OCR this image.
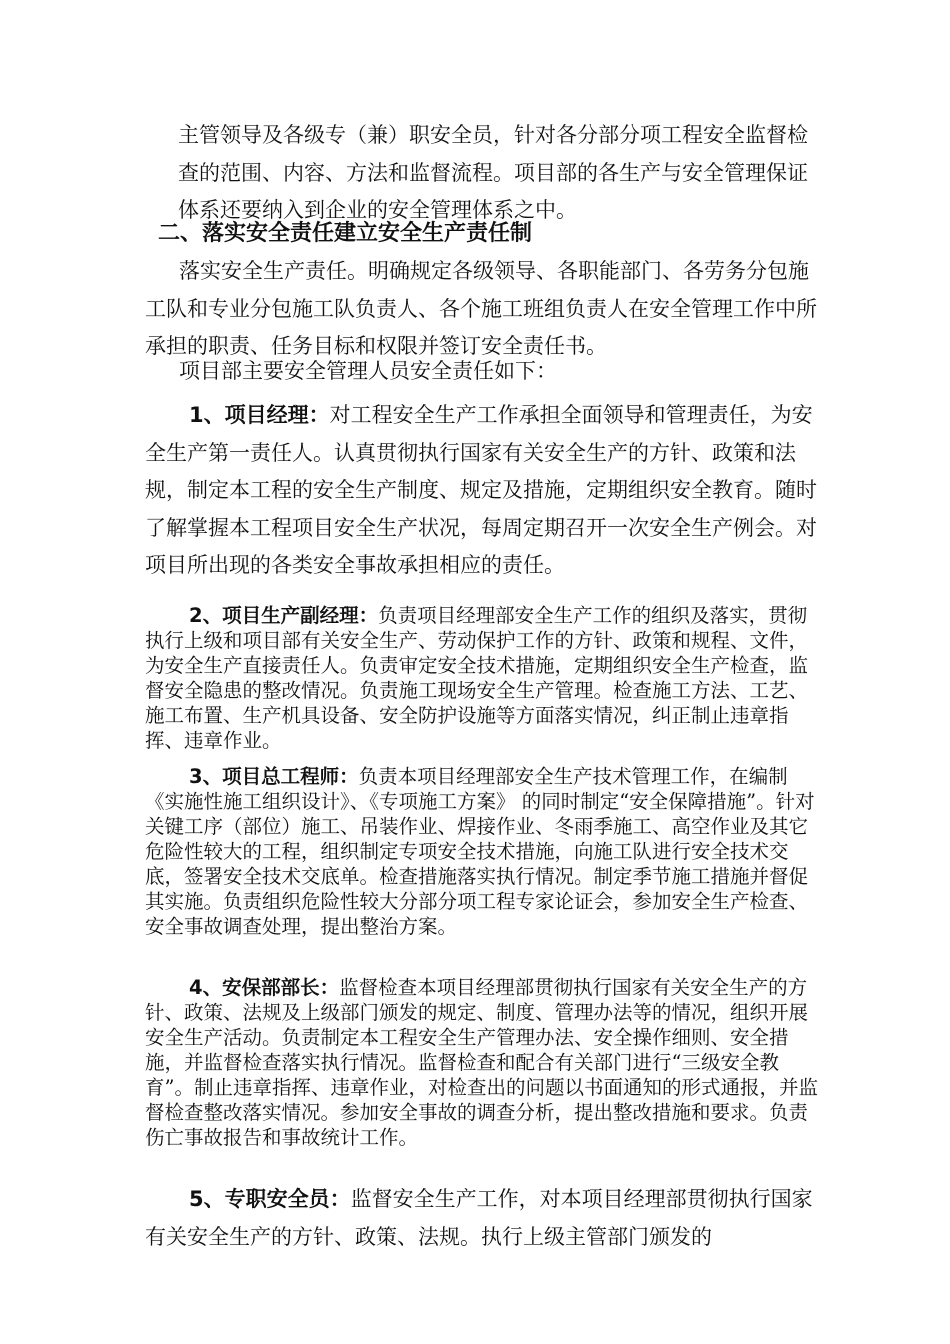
主管领导及各级专（兼）职安全员，针对各分部分项工程安全监督检查的范围、内容、方法和监督流程。项目部的各生产与安全管理保证体系还要纳入到企业的安全管理体系之中。

二、落实安全责任建立安全生产责任制

落实安全生产责任。明确规定各级领导、各职能部门、各劳务分包施工队和专业分包施工队负责人、各个施工班组负责人在安全管理工作中所承担的职责、任务目标和权限并签订安全责任书。

项目部主要安全管理人员安全责任如下：

1、项目经理：对工程安全生产工作承担全面领导和管理责任，为安全生产第一责任人。认真贯彻执行国家有关安全生产的方针、政策和法规，制定本工程的安全生产制度、规定及措施，定期组织安全教育。随时了解掌握本工程项目安全生产状况，每周定期召开一次安全生产例会。对项目所出现的各类安全事故承担相应的责任。

2、项目生产副经理：负责项目经理部安全生产工作的组织及落实，贯彻执行上级和项目部有关安全生产、劳动保护工作的方针、政策和规程、文件，为安全生产直接责任人。负责审定安全技术措施，定期组织安全生产检查，监督安全隐患的整改情况。负责施工现场安全生产管理。检查施工方法、工艺、施工布置、生产机具设备、安全防护设施等方面落实情况，纠正制止违章指挥、违章作业。

3、项目总工程师：负责本项目经理部安全生产技术管理工作，在编制《实施性施工组织设计》、《专项施工方案》 的同时制定“安全保障措施”。针对关键工序（部位）施工、吊装作业、焊接作业、冬雨季施工、高空作业及其它危险性较大的工程，组织制定专项安全技术措施，向施工队进行安全技术交底，签署安全技术交底单。检查措施落实执行情况。制定季节施工措施并督促其实施。负责组织危险性较大分部分项工程专家论证会，参加安全生产检查、安全事故调查处理，提出整治方案。

4、安保部部长：监督检查本项目经理部贯彻执行国家有关安全生产的方针、政策、法规及上级部门颁发的规定、制度、管理办法等的情况，组织开展安全生产活动。负责制定本工程安全生产管理办法、安全操作细则、安全措施，并监督检查落实执行情况。监督检查和配合有关部门进行“三级安全教育”。制止违章指挥、违章作业，对检查出的问题以书面通知的形式通报，并监督检查整改落实情况。参加安全事故的调查分析，提出整改措施和要求。负责伤亡事故报告和事故统计工作。

5、专职安全员：监督安全生产工作，对本项目经理部贯彻执行国家有关安全生产的方针、政策、法规。执行上级主管部门颁发的
